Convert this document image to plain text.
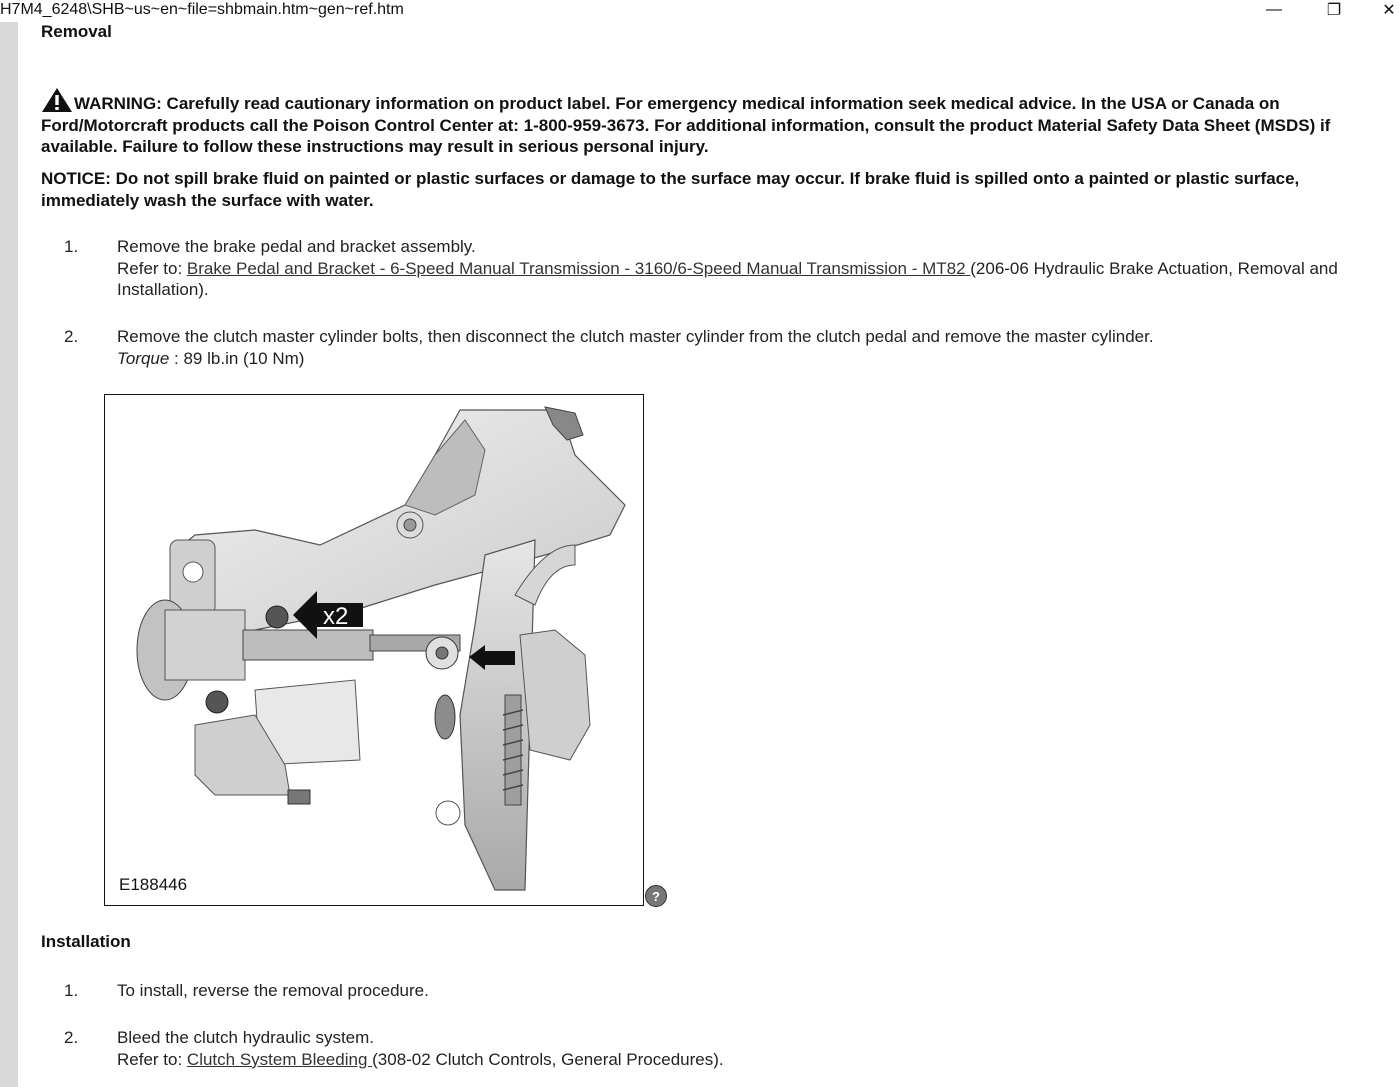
H7M4_6248\SHB~us~en~file=shbmain.htm~gen~ref.htm	—	❐	✕
Removal
WARNING: Carefully read cautionary information on product label. For emergency medical information seek medical advice. In the USA or Canada on Ford/Motorcraft products call the Poison Control Center at: 1-800-959-3673. For additional information, consult the product Material Safety Data Sheet (MSDS) if available. Failure to follow these instructions may result in serious personal injury.
NOTICE: Do not spill brake fluid on painted or plastic surfaces or damage to the surface may occur. If brake fluid is spilled onto a painted or plastic surface, immediately wash the surface with water.
1. Remove the brake pedal and bracket assembly.
Refer to: Brake Pedal and Bracket - 6-Speed Manual Transmission - 3160/6-Speed Manual Transmission - MT82 (206-06 Hydraulic Brake Actuation, Removal and Installation).
2. Remove the clutch master cylinder bolts, then disconnect the clutch master cylinder from the clutch pedal and remove the master cylinder.
Torque : 89 lb.in (10 Nm)
x2
E188446
?
Installation
1. To install, reverse the removal procedure.
2. Bleed the clutch hydraulic system.
Refer to: Clutch System Bleeding (308-02 Clutch Controls, General Procedures).
